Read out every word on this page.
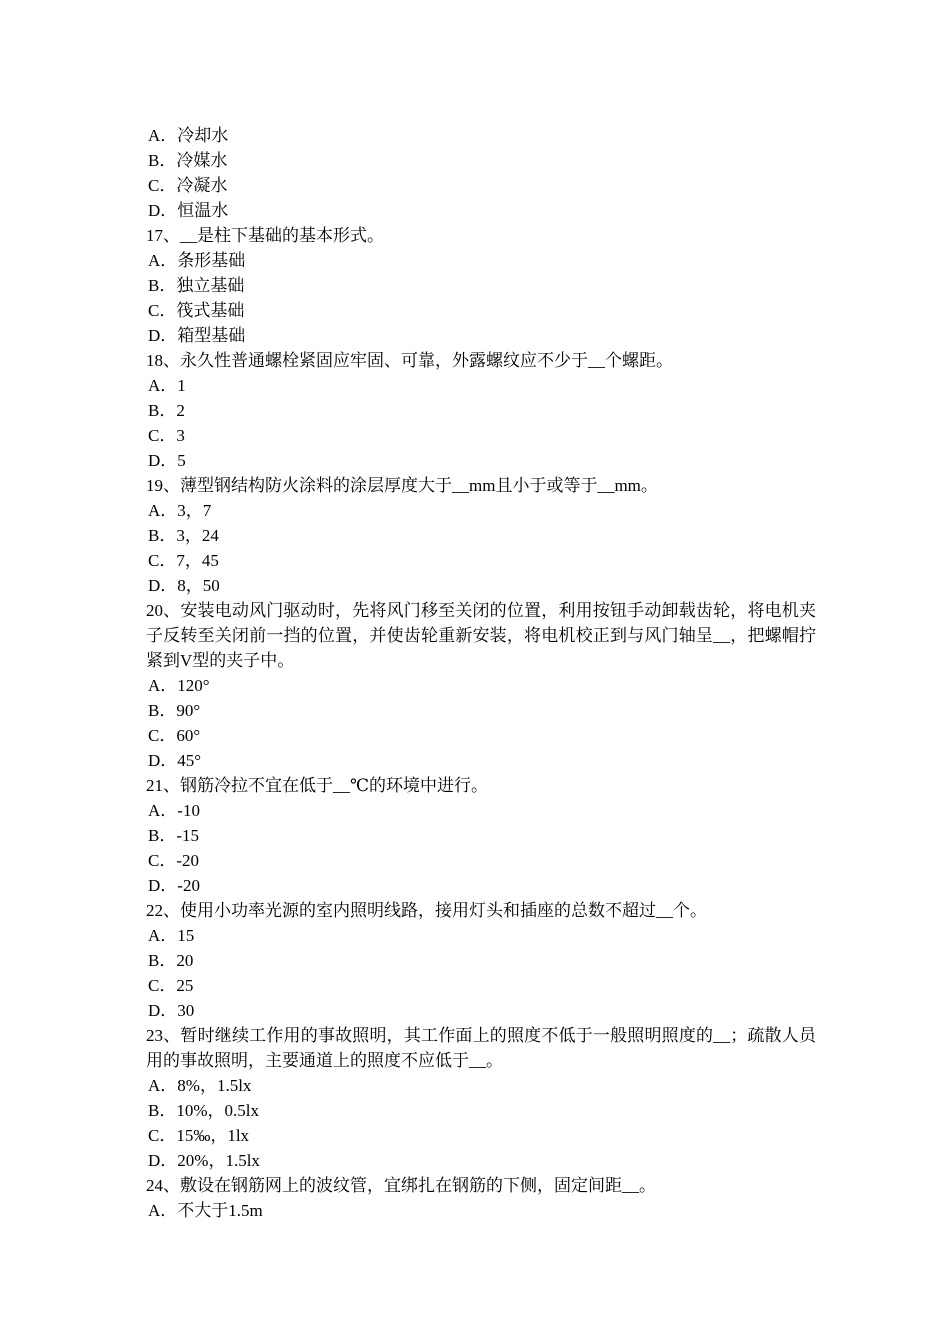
A．冷却水
B．冷媒水
C．冷凝水
D．恒温水
17、__是柱下基础的基本形式。
A．条形基础
B．独立基础
C．筏式基础
D．箱型基础
18、永久性普通螺栓紧固应牢固、可靠，外露螺纹应不少于__个螺距。
A．1
B．2
C．3
D．5
19、薄型钢结构防火涂料的涂层厚度大于__mm且小于或等于__mm。
A．3，7
B．3，24
C．7，45
D．8，50
20、安装电动风门驱动时，先将风门移至关闭的位置，利用按钮手动卸载齿轮，将电机夹子反转至关闭前一挡的位置，并使齿轮重新安装，将电机校正到与风门轴呈__，把螺帽拧紧到V型的夹子中。
A．120°
B．90°
C．60°
D．45°
21、钢筋冷拉不宜在低于__℃的环境中进行。
A．-10
B．-15
C．-20
D．-20
22、使用小功率光源的室内照明线路，接用灯头和插座的总数不超过__个。
A．15
B．20
C．25
D．30
23、暂时继续工作用的事故照明，其工作面上的照度不低于一般照明照度的__；疏散人员用的事故照明，主要通道上的照度不应低于__。
A．8%，1.5lx
B．10%，0.5lx
C．15‰，1lx
D．20%，1.5lx
24、敷设在钢筋网上的波纹管，宜绑扎在钢筋的下侧，固定间距__。
A．不大于1.5m
